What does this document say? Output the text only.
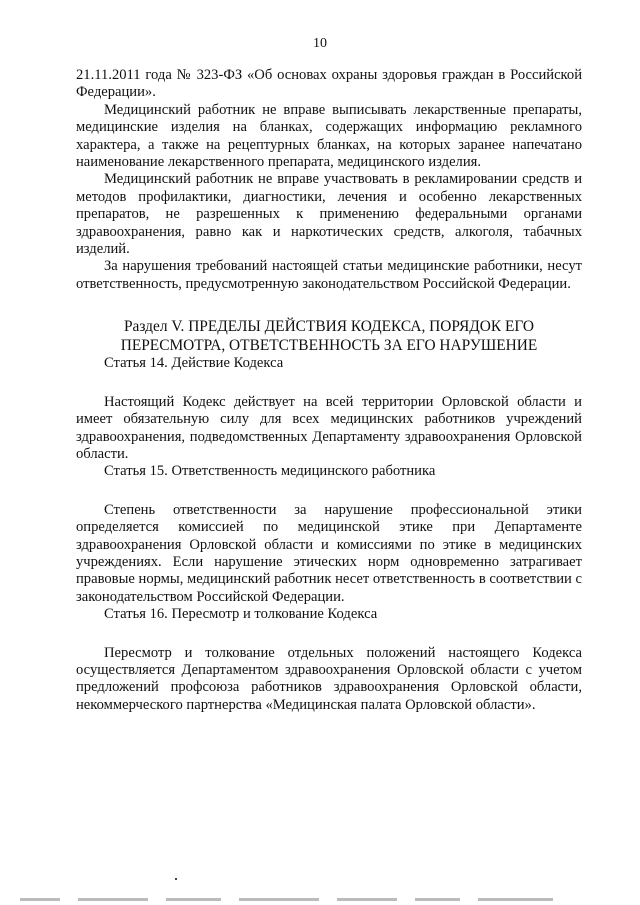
10

21.11.2011 года № 323-ФЗ «Об основах охраны здоровья граждан в Российской Федерации».

Медицинский работник не вправе выписывать лекарственные препараты, медицинские изделия на бланках, содержащих информацию рекламного характера, а также на рецептурных бланках, на которых заранее напечатано наименование лекарственного препарата, медицинского изделия.

Медицинский работник не вправе участвовать в рекламировании средств и методов профилактики, диагностики, лечения и особенно лекарственных препаратов, не разрешенных к применению федеральными органами здравоохранения, равно как и наркотических средств, алкоголя, табачных изделий.

За нарушения требований настоящей статьи медицинские работники, несут ответственность, предусмотренную законодательством Российской Федерации.

Раздел V. ПРЕДЕЛЫ ДЕЙСТВИЯ КОДЕКСА, ПОРЯДОК ЕГО
ПЕРЕСМОТРА, ОТВЕТСТВЕННОСТЬ ЗА ЕГО НАРУШЕНИЕ

Статья 14. Действие Кодекса

Настоящий Кодекс действует на всей территории Орловской области и имеет обязательную силу для всех медицинских работников учреждений здравоохранения, подведомственных Департаменту здравоохранения Орловской области.

Статья 15. Ответственность медицинского работника

Степень ответственности за нарушение профессиональной этики определяется комиссией по медицинской этике при Департаменте здравоохранения Орловской области и комиссиями по этике в медицинских учреждениях. Если нарушение этических норм одновременно затрагивает правовые нормы, медицинский работник несет ответственность в соответствии с законодательством Российской Федерации.

Статья 16. Пересмотр и толкование Кодекса

Пересмотр и толкование отдельных положений настоящего Кодекса осуществляется Департаментом здравоохранения Орловской области с учетом предложений профсоюза работников здравоохранения Орловской области, некоммерческого партнерства «Медицинская палата Орловской области».
